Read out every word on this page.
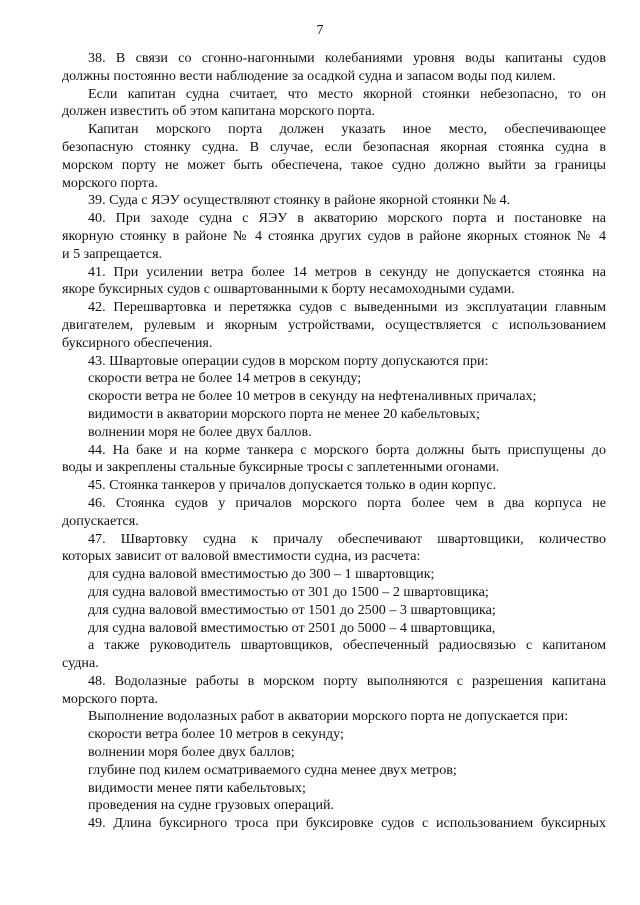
7
38. В связи со сгонно-нагонными колебаниями уровня воды капитаны судов
должны постоянно вести наблюдение за осадкой судна и запасом воды под килем.
Если капитан судна считает, что место якорной стоянки небезопасно, то он
должен известить об этом капитана морского порта.
Капитан морского порта должен указать иное место, обеспечивающее
безопасную стоянку судна. В случае, если безопасная якорная стоянка судна в
морском порту не может быть обеспечена, такое судно должно выйти за границы
морского порта.
39. Суда с ЯЭУ осуществляют стоянку в районе якорной стоянки № 4.
40. При заходе судна с ЯЭУ в акваторию морского порта и постановке на
якорную стоянку в районе № 4 стоянка других судов в районе якорных стоянок № 4
и 5 запрещается.
41. При усилении ветра более 14 метров в секунду не допускается стоянка на
якоре буксирных судов с ошвартованными к борту несамоходными судами.
42. Перешвартовка и перетяжка судов с выведенными из эксплуатации главным
двигателем, рулевым и якорным устройствами, осуществляется с использованием
буксирного обеспечения.
43. Швартовые операции судов в морском порту допускаются при:
скорости ветра не более 14 метров в секунду;
скорости ветра не более 10 метров в секунду на нефтеналивных причалах;
видимости в акватории морского порта не менее 20 кабельтовых;
волнении моря не более двух баллов.
44. На баке и на корме танкера с морского борта должны быть приспущены до
воды и закреплены стальные буксирные тросы с заплетенными огонами.
45. Стоянка танкеров у причалов допускается только в один корпус.
46. Стоянка судов у причалов морского порта более чем в два корпуса не
допускается.
47. Швартовку судна к причалу обеспечивают швартовщики, количество
которых зависит от валовой вместимости судна, из расчета:
для судна валовой вместимостью до 300 – 1 швартовщик;
для судна валовой вместимостью от 301 до 1500 – 2 швартовщика;
для судна валовой вместимостью от 1501 до 2500 – 3 швартовщика;
для судна валовой вместимостью от 2501 до 5000 – 4 швартовщика,
а также руководитель швартовщиков, обеспеченный радиосвязью с капитаном
судна.
48. Водолазные работы в морском порту выполняются с разрешения капитана
морского порта.
Выполнение водолазных работ в акватории морского порта не допускается при:
скорости ветра более 10 метров в секунду;
волнении моря более двух баллов;
глубине под килем осматриваемого судна менее двух метров;
видимости менее пяти кабельтовых;
проведения на судне грузовых операций.
49. Длина буксирного троса при буксировке судов с использованием буксирных
